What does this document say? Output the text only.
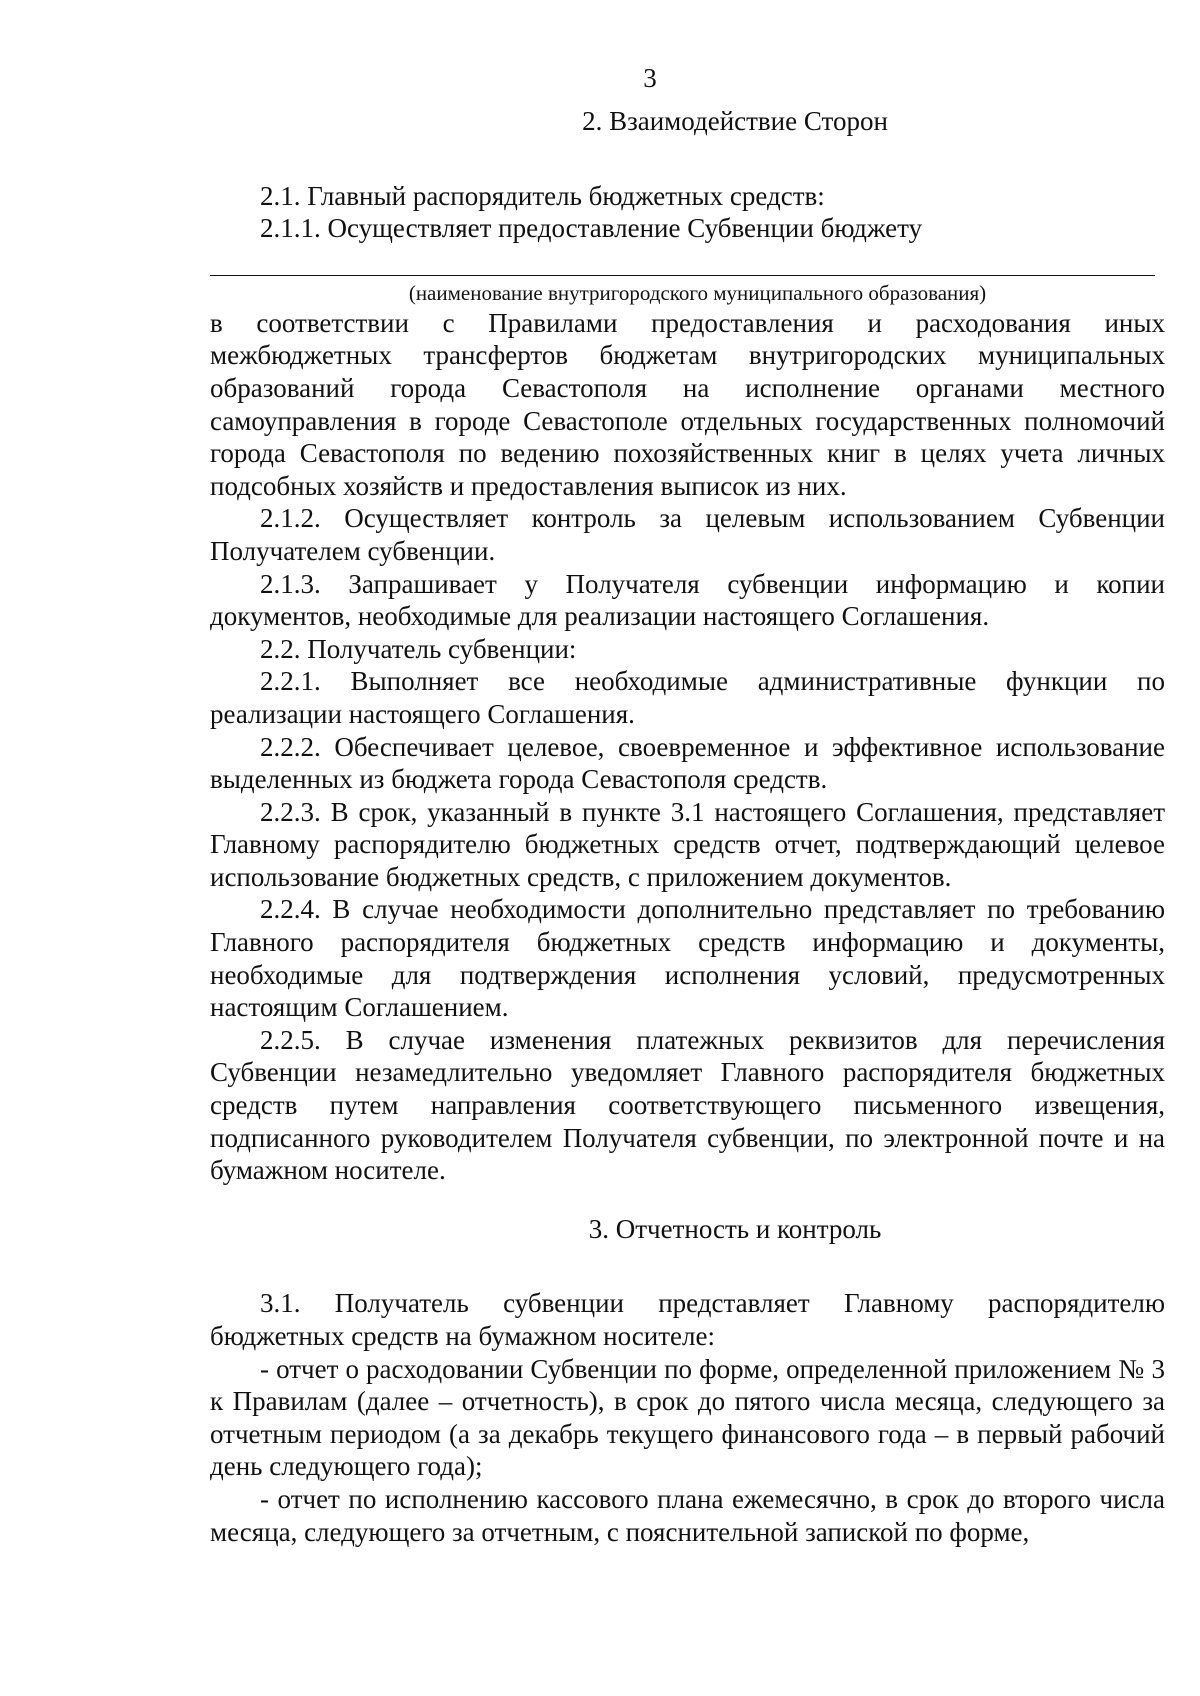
3

2. Взаимодействие Сторон

2.1. Главный распорядитель бюджетных средств:

2.1.1. Осуществляет предоставление Субвенции бюджету

(наименование внутригородского муниципального образования)

в соответствии с Правилами предоставления и расходования иных межбюджетных трансфертов бюджетам внутригородских муниципальных образований города Севастополя на исполнение органами местного самоуправления в городе Севастополе отдельных государственных полномочий города Севастополя по ведению похозяйственных книг в целях учета личных подсобных хозяйств и предоставления выписок из них.

2.1.2. Осуществляет контроль за целевым использованием Субвенции Получателем субвенции.

2.1.3. Запрашивает у Получателя субвенции информацию и копии документов, необходимые для реализации настоящего Соглашения.

2.2. Получатель субвенции:

2.2.1. Выполняет все необходимые административные функции по реализации настоящего Соглашения.

2.2.2. Обеспечивает целевое, своевременное и эффективное использование выделенных из бюджета города Севастополя средств.

2.2.3. В срок, указанный в пункте 3.1 настоящего Соглашения, представляет Главному распорядителю бюджетных средств отчет, подтверждающий целевое использование бюджетных средств, с приложением документов.

2.2.4. В случае необходимости дополнительно представляет по требованию Главного распорядителя бюджетных средств информацию и документы, необходимые для подтверждения исполнения условий, предусмотренных настоящим Соглашением.

2.2.5. В случае изменения платежных реквизитов для перечисления Субвенции незамедлительно уведомляет Главного распорядителя бюджетных средств путем направления соответствующего письменного извещения, подписанного руководителем Получателя субвенции, по электронной почте и на бумажном носителе.

3. Отчетность и контроль

3.1. Получатель субвенции представляет Главному распорядителю бюджетных средств на бумажном носителе:

- отчет о расходовании Субвенции по форме, определенной приложением № 3 к Правилам (далее – отчетность), в срок до пятого числа месяца, следующего за отчетным периодом (а за декабрь текущего финансового года – в первый рабочий день следующего года);

- отчет по исполнению кассового плана ежемесячно, в срок до второго числа месяца, следующего за отчетным, с пояснительной запиской по форме,
